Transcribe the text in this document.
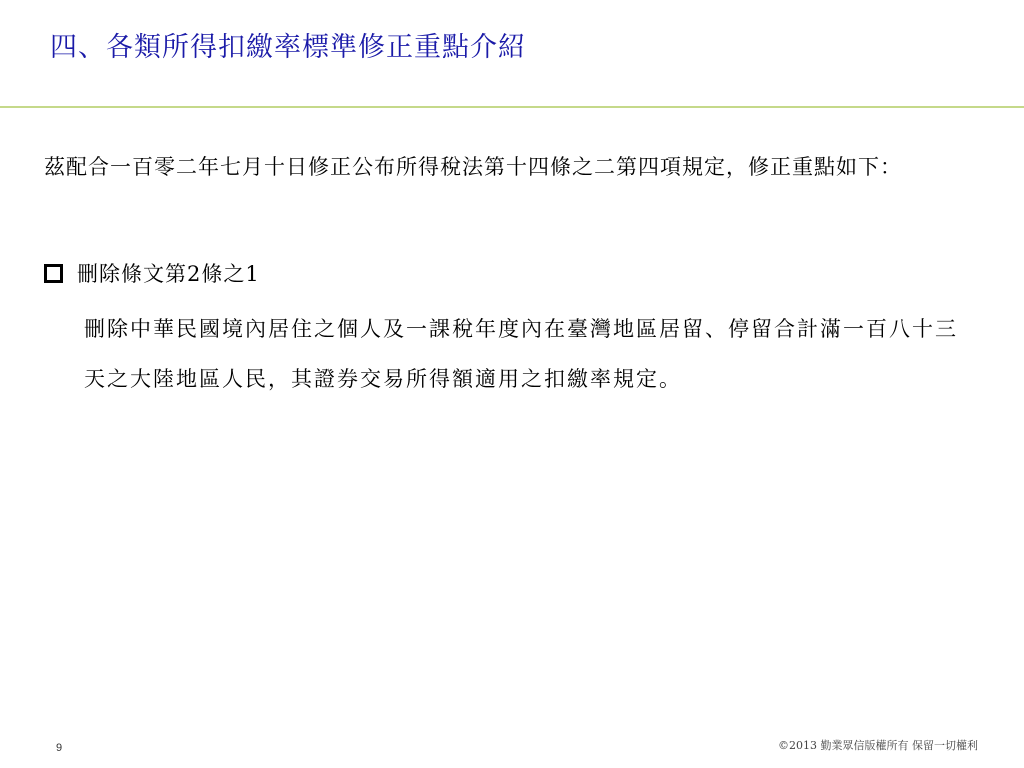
四、各類所得扣繳率標準修正重點介紹
茲配合一百零二年七月十日修正公布所得稅法第十四條之二第四項規定，修正重點如下：
刪除條文第2條之1
刪除中華民國境內居住之個人及一課稅年度內在臺灣地區居留、停留合計滿一百八十三天之大陸地區人民，其證券交易所得額適用之扣繳率規定。
9	©2013 勤業眾信版權所有 保留一切權利
